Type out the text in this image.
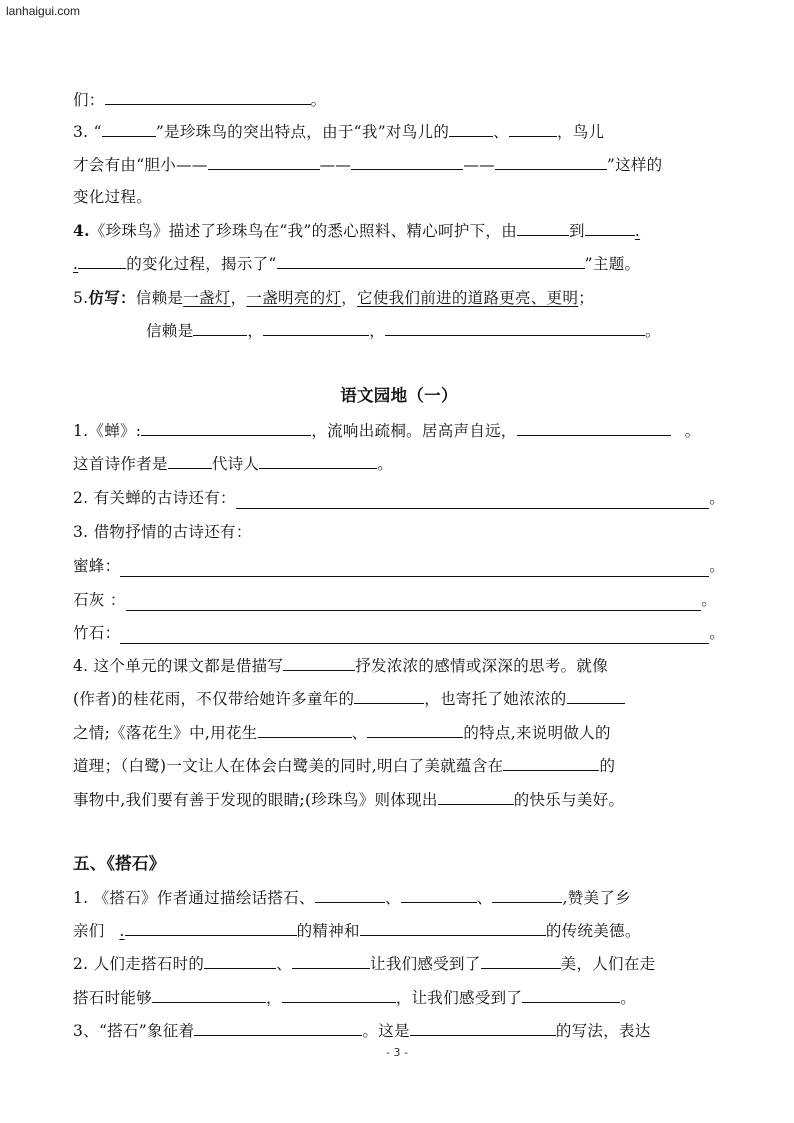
lanhaigui.com
们：	。
3. “	”是珍珠鸟的突出特点，由于“我”对鸟儿的	、	，鸟儿
才会有由“胆小——	——	——	”这样的
变化过程。
4.《珍珠鸟》描述了珍珠鸟在“我”的悉心照料、精心呵护下，由	到	.
.	的变化过程，揭示了“	”主题。
5.仿写：信赖是一盏灯，一盏明亮的灯，它使我们前进的道路更亮、更明；
信赖是	，	，	。
语文园地（一）
1.《蝉》:	，流响出疏桐。居高声自远，	。
这首诗作者是	代诗人	。
2. 有关蝉的古诗还有：	。
3. 借物抒情的古诗还有：
蜜蜂：	。
石灰 ：	。
竹石：	。
4. 这个单元的课文都是借描写	抒发浓浓的感情或深深的思考。就像
(作者)的桂花雨，不仅带给她许多童年的	，也寄托了她浓浓的
之情;《落花生》中,用花生	、	的特点,来说明做人的
道理；（白鹭)一文让人在体会白鹭美的同时,明白了美就蕴含在	的
事物中,我们要有善于发现的眼睛;(珍珠鸟》则体现出	的快乐与美好。
五、《搭石》
1. 《搭石》作者通过描绘话搭石、	、	、	,赞美了乡
亲们 .	的精神和	的传统美德。
2. 人们走搭石时的	、	让我们感受到了	美，人们在走
搭石时能够	，	，让我们感受到了	。
3、“搭石”象征着	。这是	的写法，表达
- 3 -
